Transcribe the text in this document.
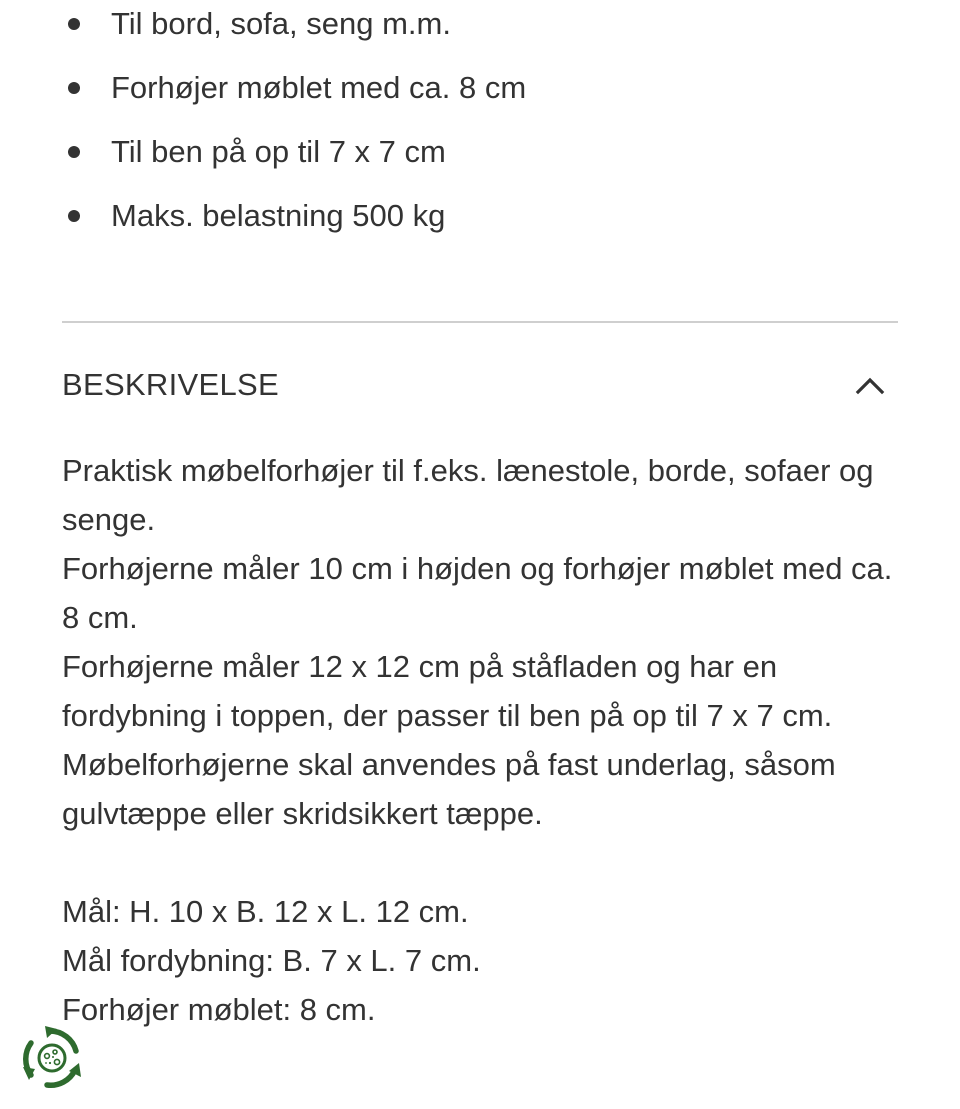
Til bord, sofa, seng m.m.
Forhøjer møblet med ca. 8 cm
Til ben på op til 7 x 7 cm
Maks. belastning 500 kg
BESKRIVELSE

Praktisk møbelforhøjer til f.eks. lænestole, borde, sofaer og senge.

Forhøjerne måler 10 cm i højden og forhøjer møblet med ca. 8 cm.

Forhøjerne måler 12 x 12 cm på ståfladen og har en fordybning i toppen, der passer til ben på op til 7 x 7 cm.

Møbelforhøjerne skal anvendes på fast underlag, såsom gulvtæppe eller skridsikkert tæppe.

Mål: H. 10 x B. 12 x L. 12 cm.

Mål fordybning: B. 7 x L. 7 cm.

Forhøjer møblet: 8 cm.
